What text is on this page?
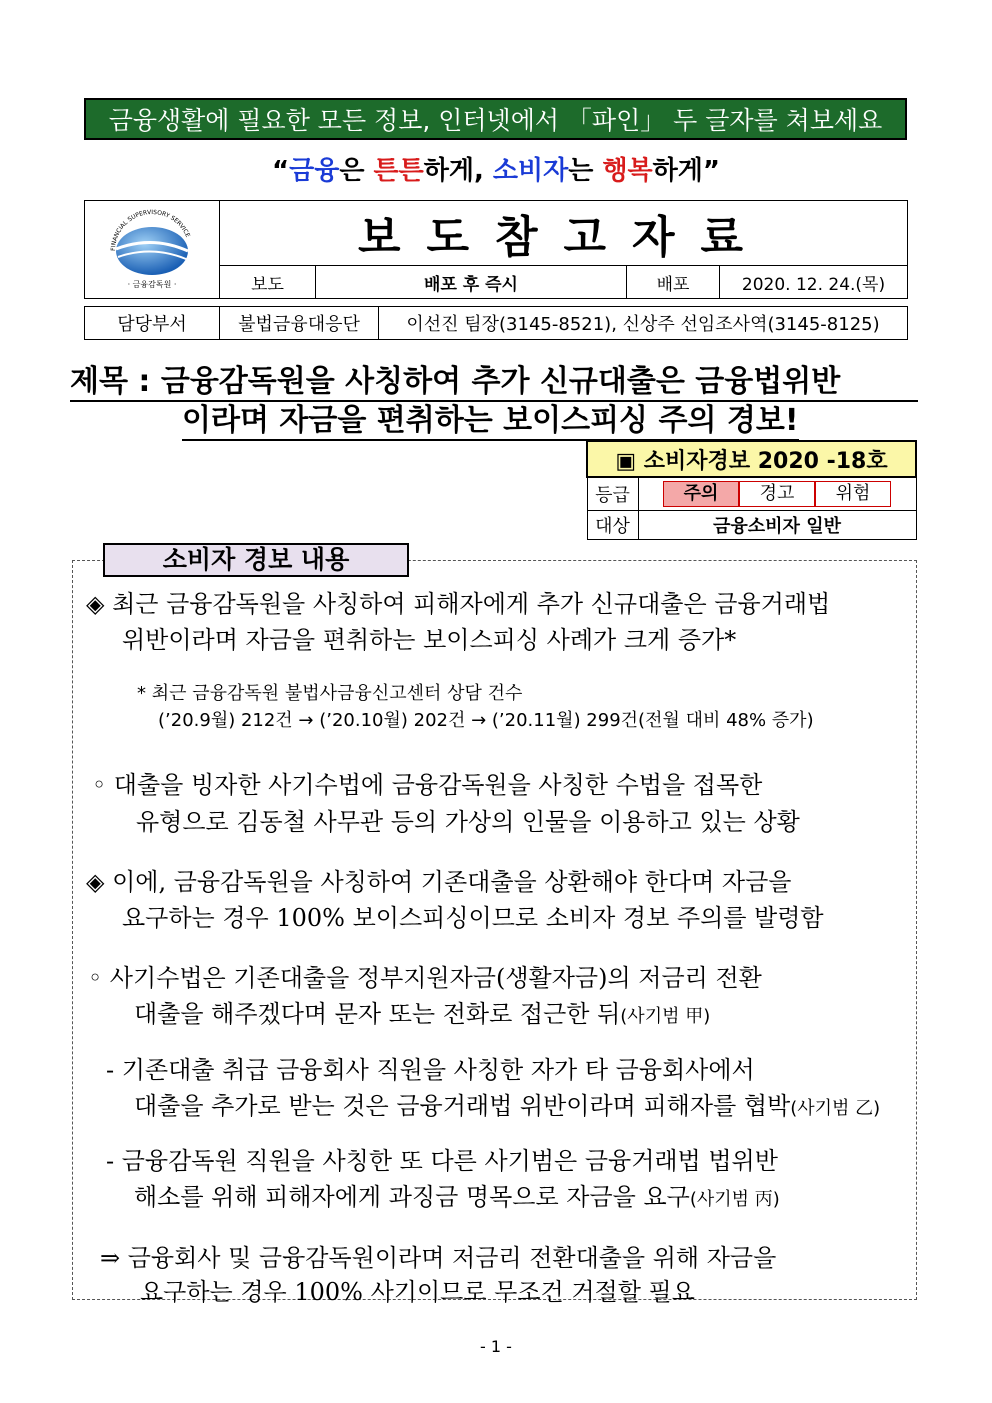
금융생활에 필요한 모든 정보, 인터넷에서 「파인」 두 글자를 쳐보세요
“금융은 튼튼하게, 소비자는 행복하게”
FINANCIAL SUPERVISORY SERVICE
· 금융감독원 ·	보도참고자료			
	보도	배포 후 즉시	배포	2020. 12. 24.(목)
담당부서	불법금융대응단	이선진 팀장(3145-8521), 신상주 선임조사역(3145-8125)
제목 : 금융감독원을 사칭하여 추가 신규대출은 금융법위반
이라며 자금을 편취하는 보이스피싱 주의 경보!
▣ 소비자경보 2020 -18호	
등급	주의 경고 위험
대상	금융소비자 일반
소비자 경보 내용
◈ 최근 금융감독원을 사칭하여 피해자에게 추가 신규대출은 금융거래법
위반이라며 자금을 편취하는 보이스피싱 사례가 크게 증가*
* 최근 금융감독원 불법사금융신고센터 상담 건수
(’20.9월) 212건 → (’20.10월) 202건 → (’20.11월) 299건(전월 대비 48% 증가)
◦ 대출을 빙자한 사기수법에 금융감독원을 사칭한 수법을 접목한
유형으로 김동철 사무관 등의 가상의 인물을 이용하고 있는 상황
◈ 이에, 금융감독원을 사칭하여 기존대출을 상환해야 한다며 자금을
요구하는 경우 100% 보이스피싱이므로 소비자 경보 주의를 발령함
◦ 사기수법은 기존대출을 정부지원자금(생활자금)의 저금리 전환
대출을 해주겠다며 문자 또는 전화로 접근한 뒤(사기범 甲)
- 기존대출 취급 금융회사 직원을 사칭한 자가 타 금융회사에서
대출을 추가로 받는 것은 금융거래법 위반이라며 피해자를 협박(사기범 乙)
- 금융감독원 직원을 사칭한 또 다른 사기범은 금융거래법 법위반
해소를 위해 피해자에게 과징금 명목으로 자금을 요구(사기범 丙)
⇒ 금융회사 및 금융감독원이라며 저금리 전환대출을 위해 자금을
요구하는 경우 100% 사기이므로 무조건 거절할 필요
- 1 -
